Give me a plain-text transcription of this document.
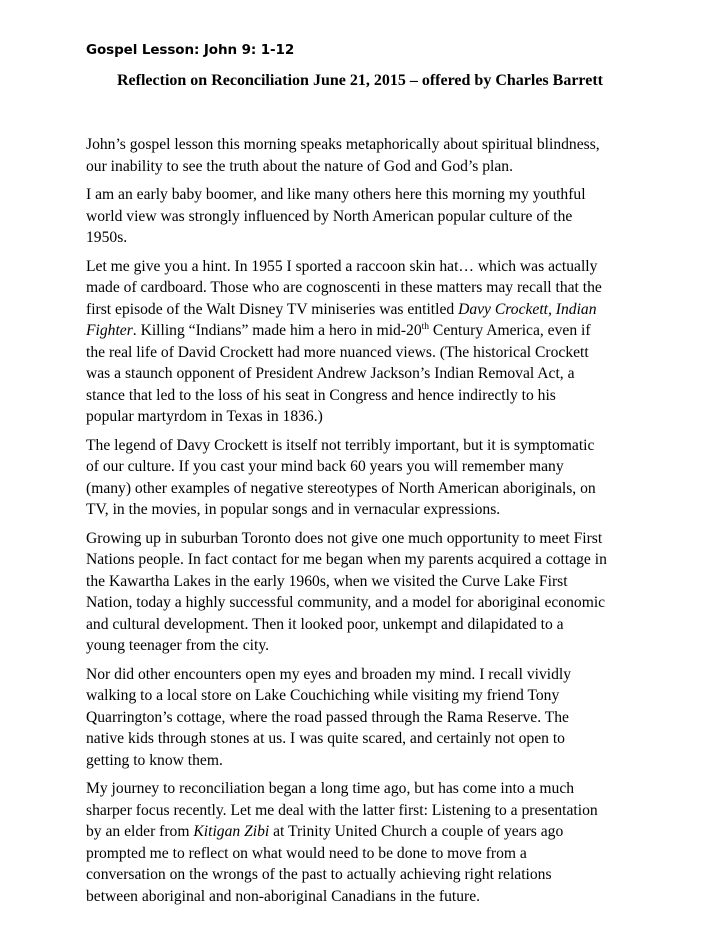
Gospel Lesson: John 9: 1-12
Reflection on Reconciliation June 21, 2015 – offered by Charles Barrett

John’s gospel lesson this morning speaks metaphorically about spiritual blindness,
our inability to see the truth about the nature of God and God’s plan.

I am an early baby boomer, and like many others here this morning my youthful
world view was strongly influenced by North American popular culture of the
1950s.

Let me give you a hint. In 1955 I sported a raccoon skin hat… which was actually
made of cardboard. Those who are cognoscenti in these matters may recall that the
first episode of the Walt Disney TV miniseries was entitled Davy Crockett, Indian
Fighter. Killing “Indians” made him a hero in mid-20th Century America, even if
the real life of David Crockett had more nuanced views. (The historical Crockett
was a staunch opponent of President Andrew Jackson’s Indian Removal Act, a
stance that led to the loss of his seat in Congress and hence indirectly to his
popular martyrdom in Texas in 1836.)

The legend of Davy Crockett is itself not terribly important, but it is symptomatic
of our culture. If you cast your mind back 60 years you will remember many
(many) other examples of negative stereotypes of North American aboriginals, on
TV, in the movies, in popular songs and in vernacular expressions.

Growing up in suburban Toronto does not give one much opportunity to meet First
Nations people. In fact contact for me began when my parents acquired a cottage in
the Kawartha Lakes in the early 1960s, when we visited the Curve Lake First
Nation, today a highly successful community, and a model for aboriginal economic
and cultural development. Then it looked poor, unkempt and dilapidated to a
young teenager from the city.

Nor did other encounters open my eyes and broaden my mind. I recall vividly
walking to a local store on Lake Couchiching while visiting my friend Tony
Quarrington’s cottage, where the road passed through the Rama Reserve. The
native kids through stones at us. I was quite scared, and certainly not open to
getting to know them.

My journey to reconciliation began a long time ago, but has come into a much
sharper focus recently. Let me deal with the latter first: Listening to a presentation
by an elder from Kitigan Zibi at Trinity United Church a couple of years ago
prompted me to reflect on what would need to be done to move from a
conversation on the wrongs of the past to actually achieving right relations
between aboriginal and non-aboriginal Canadians in the future.
